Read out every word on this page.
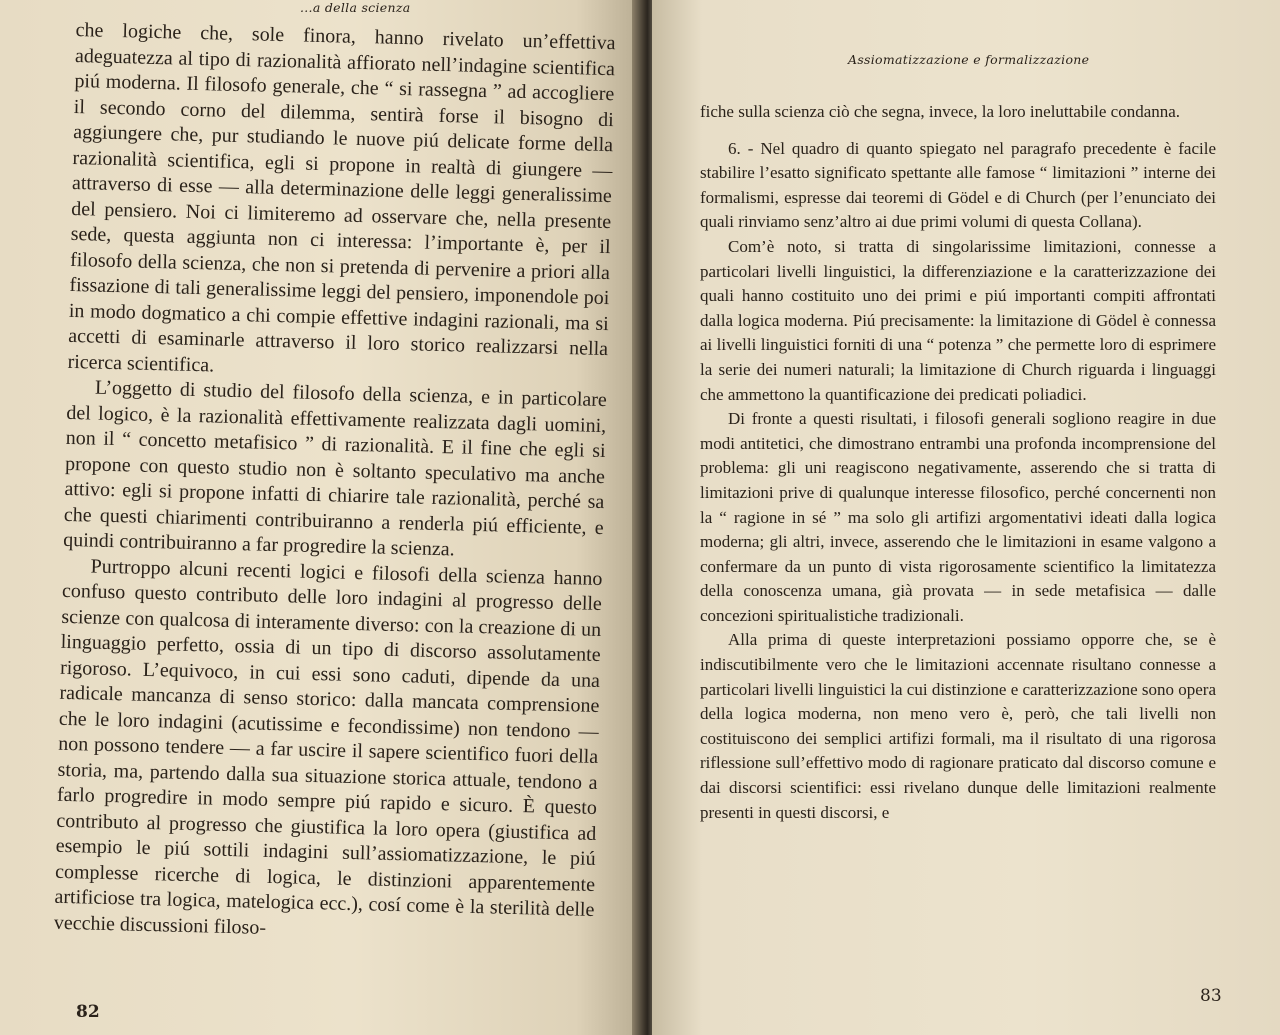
...a della scienza

che logiche che, sole finora, hanno rivelato un’effettiva adeguatezza al tipo di razionalità affiorato nell’indagine scientifica piú moderna. Il filosofo generale, che “ si rassegna ” ad accogliere il secondo corno del dilemma, sentirà forse il bisogno di aggiungere che, pur studiando le nuove piú delicate forme della razionalità scientifica, egli si propone in realtà di giungere — attraverso di esse — alla determinazione delle leggi generalissime del pensiero. Noi ci limiteremo ad osservare che, nella presente sede, questa aggiunta non ci interessa: l’importante è, per il filosofo della scienza, che non si pretenda di pervenire a priori alla fissazione di tali generalissime leggi del pensiero, imponendole poi in modo dogmatico a chi compie effettive indagini razionali, ma si accetti di esaminarle attraverso il loro storico realizzarsi nella ricerca scientifica.

L’oggetto di studio del filosofo della scienza, e in particolare del logico, è la razionalità effettivamente realizzata dagli uomini, non il “ concetto metafisico ” di razionalità. E il fine che egli si propone con questo studio non è soltanto speculativo ma anche attivo: egli si propone infatti di chiarire tale razionalità, perché sa che questi chiarimenti contribuiranno a renderla piú efficiente, e quindi contribuiranno a far progredire la scienza.

Purtroppo alcuni recenti logici e filosofi della scienza hanno confuso questo contributo delle loro indagini al progresso delle scienze con qualcosa di interamente diverso: con la creazione di un linguaggio perfetto, ossia di un tipo di discorso assolutamente rigoroso. L’equivoco, in cui essi sono caduti, dipende da una radicale mancanza di senso storico: dalla mancata comprensione che le loro indagini (acutissime e fecondissime) non tendono — non possono tendere — a far uscire il sapere scientifico fuori della storia, ma, partendo dalla sua situazione storica attuale, tendono a farlo progredire in modo sempre piú rapido e sicuro. È questo contributo al progresso che giustifica la loro opera (giustifica ad esempio le piú sottili indagini sull’assiomatizzazione, le piú complesse ricerche di logica, le distinzioni apparentemente artificiose tra logica, matelogica ecc.), cosí come è la sterilità delle vecchie discussioni filoso-

82
Assiomatizzazione e formalizzazione

fiche sulla scienza ciò che segna, invece, la loro ineluttabile condanna.

6. - Nel quadro di quanto spiegato nel paragrafo precedente è facile stabilire l’esatto significato spettante alle famose “ limitazioni ” interne dei formalismi, espresse dai teoremi di Gödel e di Church (per l’enunciato dei quali rinviamo senz’altro ai due primi volumi di questa Collana).

Com’è noto, si tratta di singolarissime limitazioni, connesse a particolari livelli linguistici, la differenziazione e la caratterizzazione dei quali hanno costituito uno dei primi e piú importanti compiti affrontati dalla logica moderna. Piú precisamente: la limitazione di Gödel è connessa ai livelli linguistici forniti di una “ potenza ” che permette loro di esprimere la serie dei numeri naturali; la limitazione di Church riguarda i linguaggi che ammettono la quantificazione dei predicati poliadici.

Di fronte a questi risultati, i filosofi generali sogliono reagire in due modi antitetici, che dimostrano entrambi una profonda incomprensione del problema: gli uni reagiscono negativamente, asserendo che si tratta di limitazioni prive di qualunque interesse filosofico, perché concernenti non la “ ragione in sé ” ma solo gli artifizi argomentativi ideati dalla logica moderna; gli altri, invece, asserendo che le limitazioni in esame valgono a confermare da un punto di vista rigorosamente scientifico la limitatezza della conoscenza umana, già provata — in sede metafisica — dalle concezioni spiritualistiche tradizionali.

Alla prima di queste interpretazioni possiamo opporre che, se è indiscutibilmente vero che le limitazioni accennate risultano connesse a particolari livelli linguistici la cui distinzione e caratterizzazione sono opera della logica moderna, non meno vero è, però, che tali livelli non costituiscono dei semplici artifizi formali, ma il risultato di una rigorosa riflessione sull’effettivo modo di ragionare praticato dal discorso comune e dai discorsi scientifici: essi rivelano dunque delle limitazioni realmente presenti in questi discorsi, e

83
